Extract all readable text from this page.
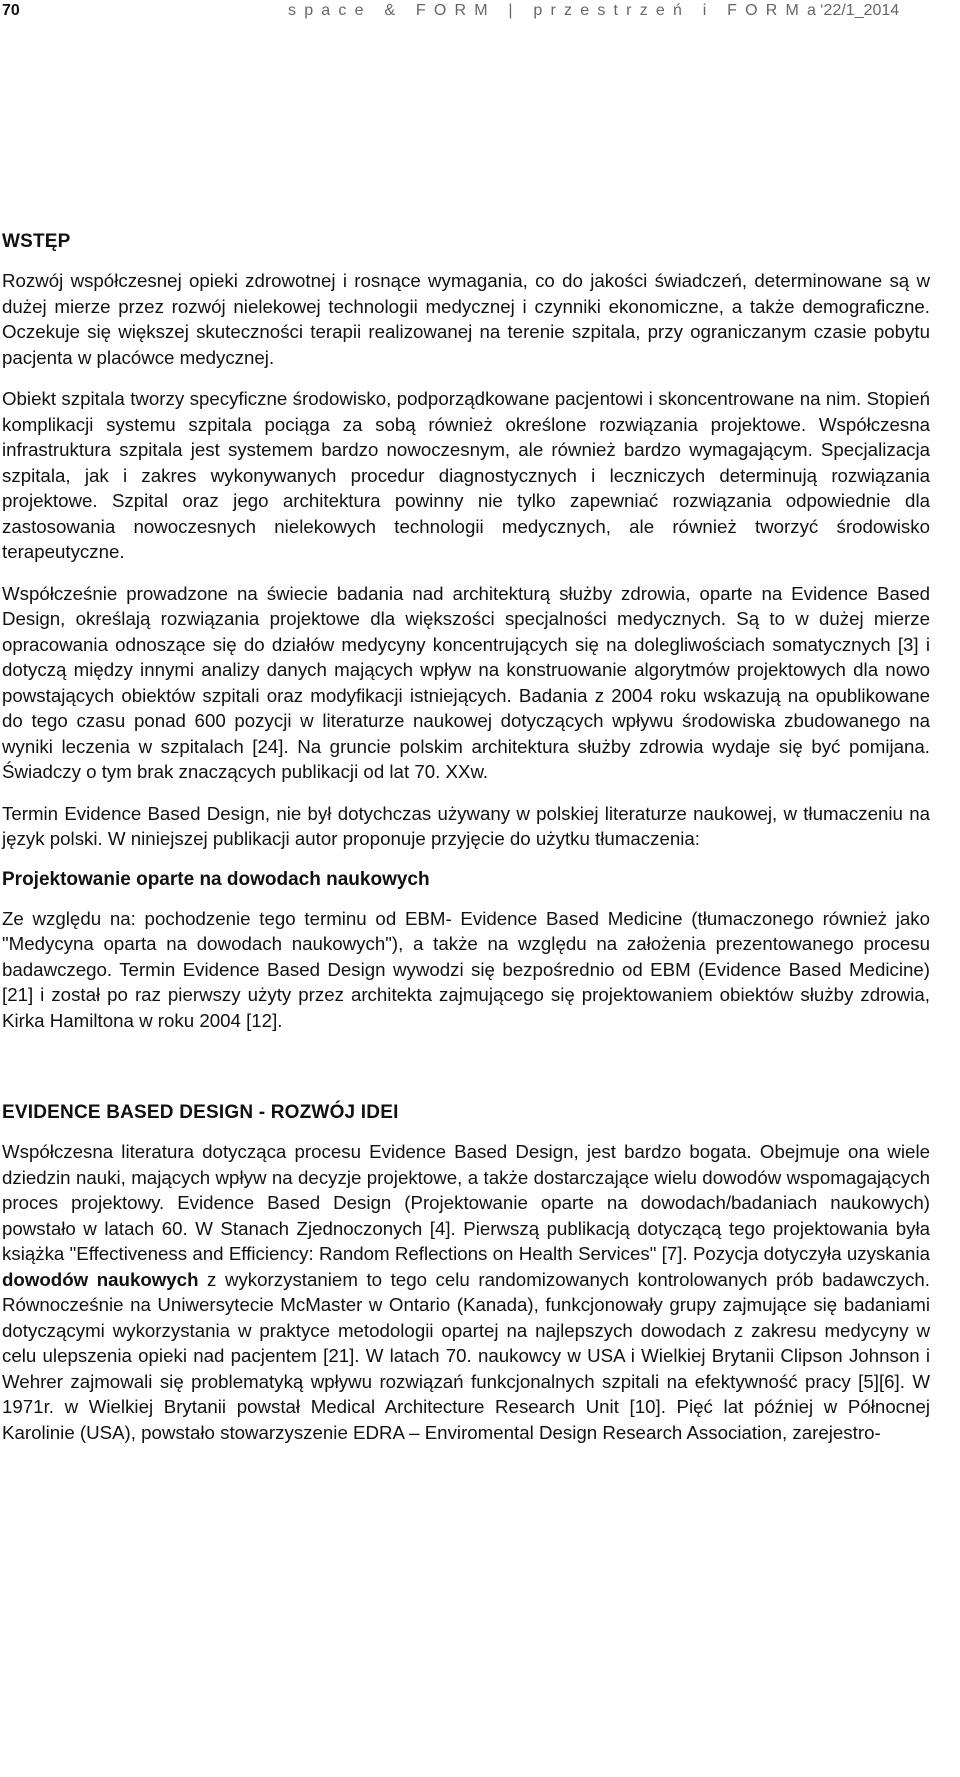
70	space & FORM | przestrzeń i FORMa
‘22/1_2014
WSTĘP

Rozwój współczesnej opieki zdrowotnej i rosnące wymagania, co do jakości świadczeń, determinowane są w dużej mierze przez rozwój nielekowej technologii medycznej i czynniki ekonomiczne, a także demograficzne. Oczekuje się większej skuteczności terapii realizowanej na terenie szpitala, przy ograniczanym czasie pobytu pacjenta w placówce medycznej.

Obiekt szpitala tworzy specyficzne środowisko, podporządkowane pacjentowi i skoncentrowane na nim. Stopień komplikacji systemu szpitala pociąga za sobą również określone rozwiązania projektowe. Współczesna infrastruktura szpitala jest systemem bardzo nowoczesnym, ale również bardzo wymagającym. Specjalizacja szpitala, jak i zakres wykonywanych procedur diagnostycznych i leczniczych determinują rozwiązania projektowe. Szpital oraz jego architektura powinny nie tylko zapewniać rozwiązania odpowiednie dla zastosowania nowoczesnych nielekowych technologii medycznych, ale również tworzyć środowisko terapeutyczne.

Współcześnie prowadzone na świecie badania nad architekturą służby zdrowia, oparte na Evidence Based Design, określają rozwiązania projektowe dla większości specjalności medycznych. Są to w dużej mierze opracowania odnoszące się do działów medycyny koncentrujących się na dolegliwościach somatycznych [3] i dotyczą między innymi analizy danych mających wpływ na konstruowanie algorytmów projektowych dla nowo powstających obiektów szpitali oraz modyfikacji istniejących. Badania z 2004 roku wskazują na opublikowane do tego czasu ponad 600 pozycji w literaturze naukowej dotyczących wpływu środowiska zbudowanego na wyniki leczenia w szpitalach [24]. Na gruncie polskim architektura służby zdrowia wydaje się być pomijana. Świadczy o tym brak znaczących publikacji od lat 70. XXw.

Termin Evidence Based Design, nie był dotychczas używany w polskiej literaturze naukowej, w tłumaczeniu na język polski. W niniejszej publikacji autor proponuje przyjęcie do użytku tłumaczenia:

Projektowanie oparte na dowodach naukowych

Ze względu na: pochodzenie tego terminu od EBM- Evidence Based Medicine (tłumaczonego również jako "Medycyna oparta na dowodach naukowych"), a także na względu na założenia prezentowanego procesu badawczego. Termin Evidence Based Design wywodzi się bezpośrednio od EBM (Evidence Based Medicine) [21] i został po raz pierwszy użyty przez architekta zajmującego się projektowaniem obiektów służby zdrowia, Kirka Hamiltona w roku 2004 [12].

EVIDENCE BASED DESIGN - ROZWÓJ IDEI

Współczesna literatura dotycząca procesu Evidence Based Design, jest bardzo bogata. Obejmuje ona wiele dziedzin nauki, mających wpływ na decyzje projektowe, a także dostarczające wielu dowodów wspomagających proces projektowy. Evidence Based Design (Projektowanie oparte na dowodach/badaniach naukowych) powstało w latach 60. W Stanach Zjednoczonych [4]. Pierwszą publikacją dotyczącą tego projektowania była książka "Effectiveness and Efficiency: Random Reflections on Health Services" [7]. Pozycja dotyczyła uzyskania dowodów naukowych z wykorzystaniem to tego celu randomizowanych kontrolowanych prób badawczych. Równocześnie na Uniwersytecie McMaster w Ontario (Kanada), funkcjonowały grupy zajmujące się badaniami dotyczącymi wykorzystania w praktyce metodologii opartej na najlepszych dowodach z zakresu medycyny w celu ulepszenia opieki nad pacjentem [21]. W latach 70. naukowcy w USA i Wielkiej Brytanii Clipson Johnson i Wehrer zajmowali się problematyką wpływu rozwiązań funkcjonalnych szpitali na efektywność pracy [5][6]. W 1971r. w Wielkiej Brytanii powstał Medical Architecture Research Unit [10]. Pięć lat później w Północnej Karolinie (USA), powstało stowarzyszenie EDRA – Enviromental Design Research Association, zarejestro-
